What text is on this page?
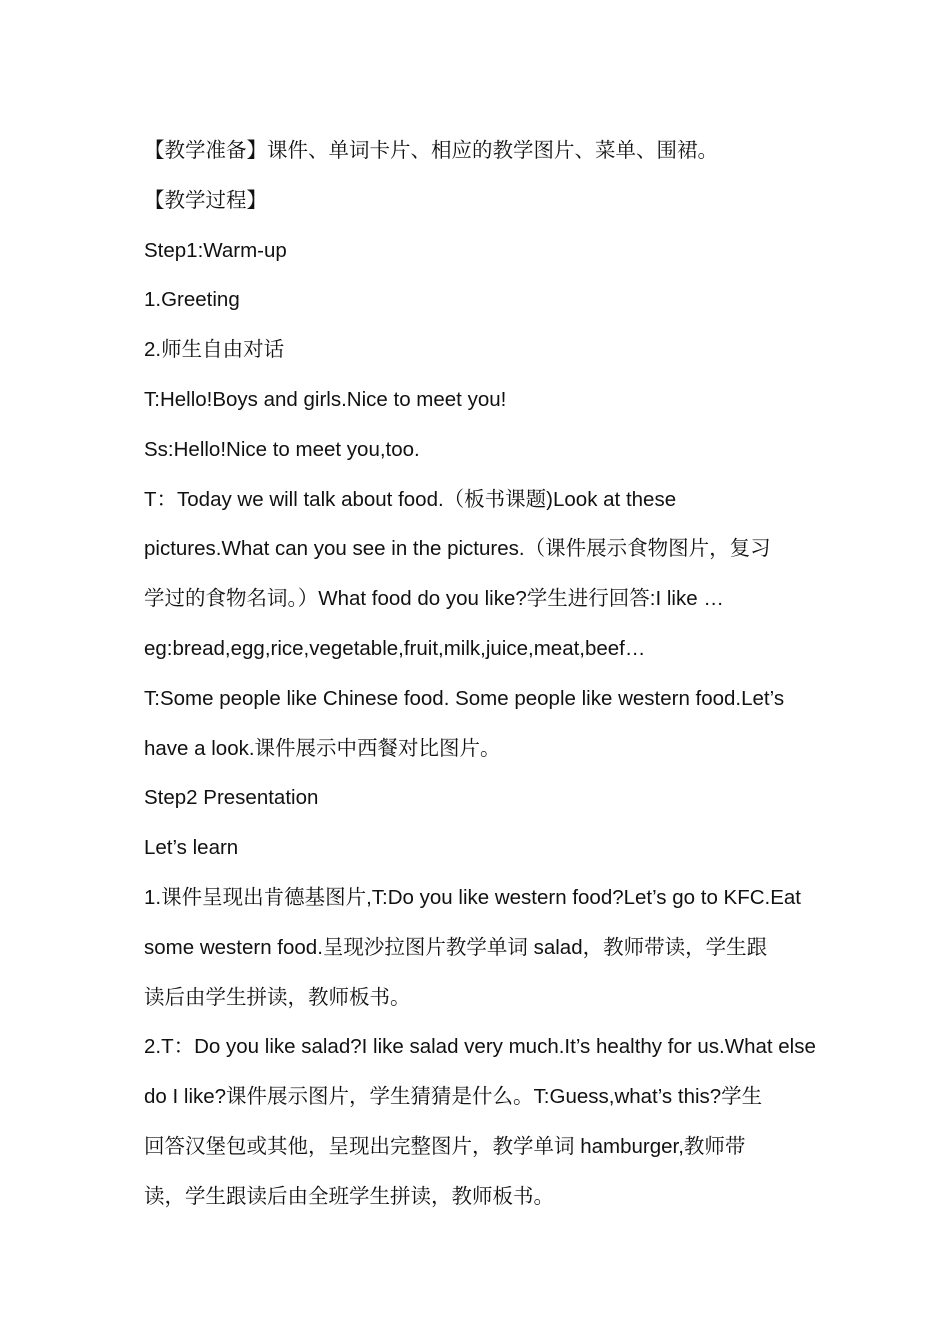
【教学准备】课件、单词卡片、相应的教学图片、菜单、围裙。
【教学过程】
Step1:Warm-up
1.Greeting
2.师生自由对话
T:Hello!Boys and girls.Nice to meet you!
Ss:Hello!Nice to meet you,too.
T：Today we will talk about food.（板书课题)Look at these
pictures.What can you see in the pictures.（课件展示食物图片，复习
学过的食物名词。）What food do you like?学生进行回答:I like …
eg:bread,egg,rice,vegetable,fruit,milk,juice,meat,beef…
T:Some people like Chinese food. Some people like western food.Let’s
have a look.课件展示中西餐对比图片。
Step2 Presentation
Let’s learn
1.课件呈现出肯德基图片,T:Do you like western food?Let’s go to KFC.Eat
some western food.呈现沙拉图片教学单词 salad，教师带读，学生跟
读后由学生拼读，教师板书。
2.T：Do you like salad?I like salad very much.It’s healthy for us.What else
do I like?课件展示图片，学生猜猜是什么。T:Guess,what’s this?学生
回答汉堡包或其他，呈现出完整图片，教学单词 hamburger,教师带
读，学生跟读后由全班学生拼读，教师板书。
